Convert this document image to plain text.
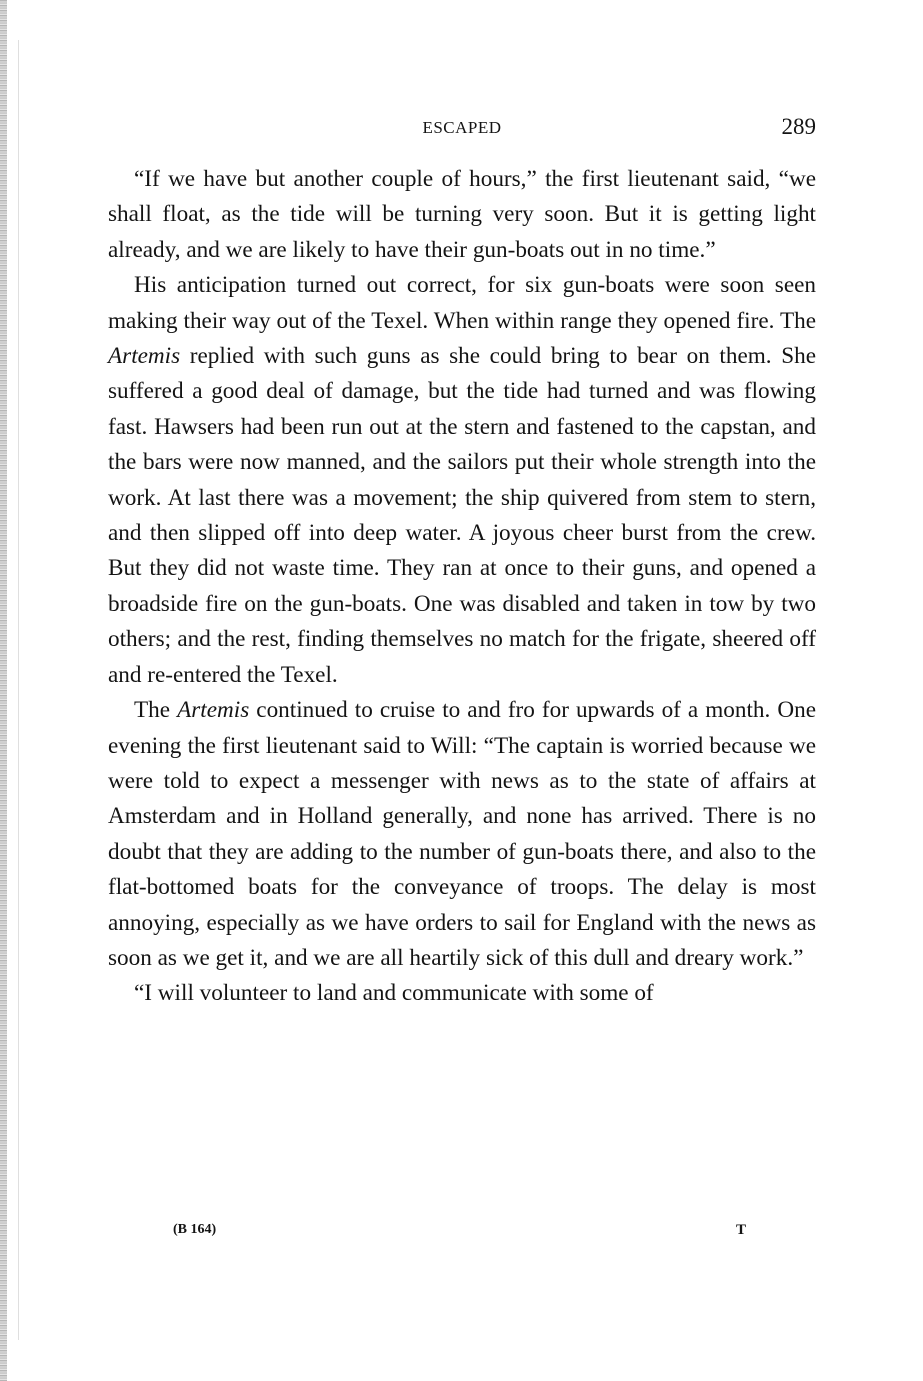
ESCAPED	289

“If we have but another couple of hours,” the first lieutenant said, “we shall float, as the tide will be turning very soon. But it is getting light already, and we are likely to have their gun-boats out in no time.”

His anticipation turned out correct, for six gun-boats were soon seen making their way out of the Texel. When within range they opened fire. The Artemis replied with such guns as she could bring to bear on them. She suffered a good deal of damage, but the tide had turned and was flowing fast. Hawsers had been run out at the stern and fastened to the capstan, and the bars were now manned, and the sailors put their whole strength into the work. At last there was a movement; the ship quivered from stem to stern, and then slipped off into deep water. A joyous cheer burst from the crew. But they did not waste time. They ran at once to their guns, and opened a broadside fire on the gun-boats. One was disabled and taken in tow by two others; and the rest, finding themselves no match for the frigate, sheered off and re-entered the Texel.

The Artemis continued to cruise to and fro for upwards of a month. One evening the first lieutenant said to Will: “The captain is worried because we were told to expect a messenger with news as to the state of affairs at Amsterdam and in Holland generally, and none has arrived. There is no doubt that they are adding to the number of gun-boats there, and also to the flat-bottomed boats for the conveyance of troops. The delay is most annoying, especially as we have orders to sail for England with the news as soon as we get it, and we are all heartily sick of this dull and dreary work.”

“I will volunteer to land and communicate with some of

(B 164)	T
